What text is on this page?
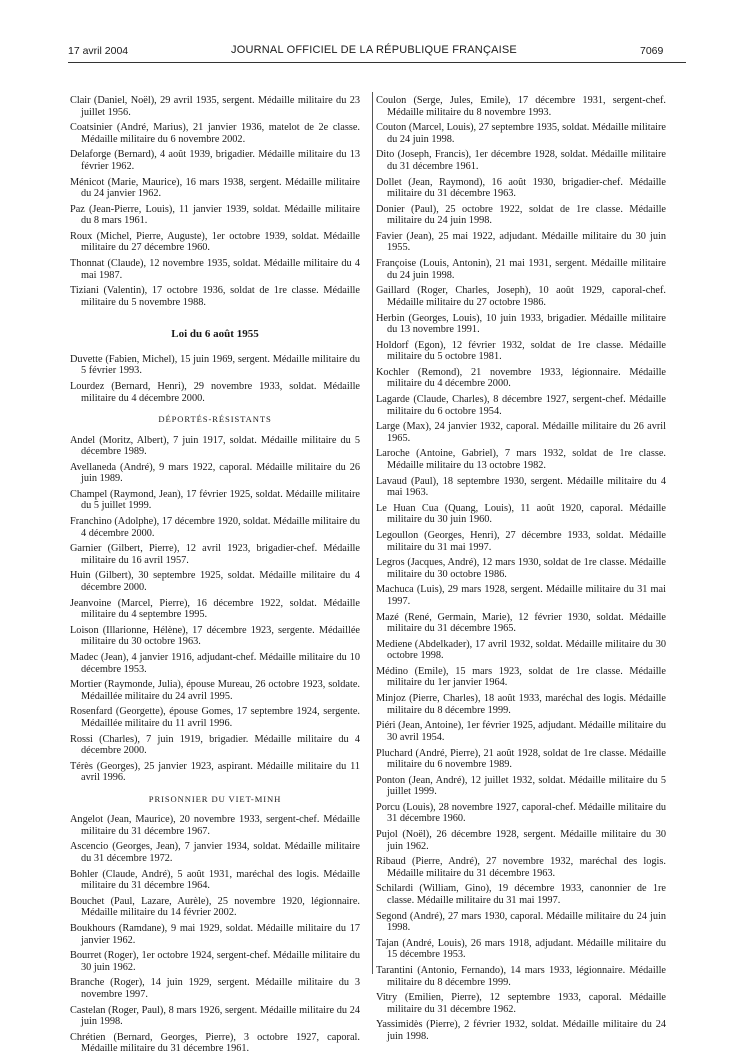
17 avril 2004	JOURNAL OFFICIEL DE LA RÉPUBLIQUE FRANÇAISE	7069

Clair (Daniel, Noël), 29 avril 1935, sergent. Médaille militaire du 23 juillet 1956.

Coatsinier (André, Marius), 21 janvier 1936, matelot de 2e classe. Médaille militaire du 6 novembre 2002.

Delaforge (Bernard), 4 août 1939, brigadier. Médaille militaire du 13 février 1962.

Ménicot (Marie, Maurice), 16 mars 1938, sergent. Médaille militaire du 24 janvier 1962.

Paz (Jean-Pierre, Louis), 11 janvier 1939, soldat. Médaille militaire du 8 mars 1961.

Roux (Michel, Pierre, Auguste), 1er octobre 1939, soldat. Médaille militaire du 27 décembre 1960.

Thonnat (Claude), 12 novembre 1935, soldat. Médaille militaire du 4 mai 1987.

Tiziani (Valentin), 17 octobre 1936, soldat de 1re classe. Médaille militaire du 5 novembre 1988.

Loi du 6 août 1955

Duvette (Fabien, Michel), 15 juin 1969, sergent. Médaille militaire du 5 février 1993.

Lourdez (Bernard, Henri), 29 novembre 1933, soldat. Médaille militaire du 4 décembre 2000.

DÉPORTÉS-RÉSISTANTS

Andel (Moritz, Albert), 7 juin 1917, soldat. Médaille militaire du 5 décembre 1989.

Avellaneda (André), 9 mars 1922, caporal. Médaille militaire du 26 juin 1989.

Champel (Raymond, Jean), 17 février 1925, soldat. Médaille militaire du 5 juillet 1999.

Franchino (Adolphe), 17 décembre 1920, soldat. Médaille militaire du 4 décembre 2000.

Garnier (Gilbert, Pierre), 12 avril 1923, brigadier-chef. Médaille militaire du 16 avril 1957.

Huin (Gilbert), 30 septembre 1925, soldat. Médaille militaire du 4 décembre 2000.

Jeanvoine (Marcel, Pierre), 16 décembre 1922, soldat. Médaille militaire du 4 septembre 1995.

Loison (Illarionne, Hélène), 17 décembre 1923, sergente. Médaillée militaire du 30 octobre 1963.

Madec (Jean), 4 janvier 1916, adjudant-chef. Médaille militaire du 10 décembre 1953.

Mortier (Raymonde, Julia), épouse Mureau, 26 octobre 1923, soldate. Médaillée militaire du 24 avril 1995.

Rosenfard (Georgette), épouse Gomes, 17 septembre 1924, sergente. Médaillée militaire du 11 avril 1996.

Rossi (Charles), 7 juin 1919, brigadier. Médaille militaire du 4 décembre 2000.

Térès (Georges), 25 janvier 1923, aspirant. Médaille militaire du 11 avril 1996.

PRISONNIER DU VIET-MINH

Angelot (Jean, Maurice), 20 novembre 1933, sergent-chef. Médaille militaire du 31 décembre 1967.

Ascencio (Georges, Jean), 7 janvier 1934, soldat. Médaille militaire du 31 décembre 1972.

Bohler (Claude, André), 5 août 1931, maréchal des logis. Médaille militaire du 31 décembre 1964.

Bouchet (Paul, Lazare, Aurèle), 25 novembre 1920, légionnaire. Médaille militaire du 14 février 2002.

Boukhours (Ramdane), 9 mai 1929, soldat. Médaille militaire du 17 janvier 1962.

Bourret (Roger), 1er octobre 1924, sergent-chef. Médaille militaire du 30 juin 1962.

Branche (Roger), 14 juin 1929, sergent. Médaille militaire du 3 novembre 1997.

Castelan (Roger, Paul), 8 mars 1926, sergent. Médaille militaire du 24 juin 1998.

Chrétien (Bernard, Georges, Pierre), 3 octobre 1927, caporal. Médaille militaire du 31 décembre 1961.

Coulon (Serge, Jules, Emile), 17 décembre 1931, sergent-chef. Médaille militaire du 8 novembre 1993.

Couton (Marcel, Louis), 27 septembre 1935, soldat. Médaille militaire du 24 juin 1998.

Dito (Joseph, Francis), 1er décembre 1928, soldat. Médaille militaire du 31 décembre 1961.

Dollet (Jean, Raymond), 16 août 1930, brigadier-chef. Médaille militaire du 31 décembre 1963.

Donier (Paul), 25 octobre 1922, soldat de 1re classe. Médaille militaire du 24 juin 1998.

Favier (Jean), 25 mai 1922, adjudant. Médaille militaire du 30 juin 1955.

Françoise (Louis, Antonin), 21 mai 1931, sergent. Médaille militaire du 24 juin 1998.

Gaillard (Roger, Charles, Joseph), 10 août 1929, caporal-chef. Médaille militaire du 27 octobre 1986.

Herbin (Georges, Louis), 10 juin 1933, brigadier. Médaille militaire du 13 novembre 1991.

Holdorf (Egon), 12 février 1932, soldat de 1re classe. Médaille militaire du 5 octobre 1981.

Kochler (Remond), 21 novembre 1933, légionnaire. Médaille militaire du 4 décembre 2000.

Lagarde (Claude, Charles), 8 décembre 1927, sergent-chef. Médaille militaire du 6 octobre 1954.

Large (Max), 24 janvier 1932, caporal. Médaille militaire du 26 avril 1965.

Laroche (Antoine, Gabriel), 7 mars 1932, soldat de 1re classe. Médaille militaire du 13 octobre 1982.

Lavaud (Paul), 18 septembre 1930, sergent. Médaille militaire du 4 mai 1963.

Le Huan Cua (Quang, Louis), 11 août 1920, caporal. Médaille militaire du 30 juin 1960.

Legoullon (Georges, Henri), 27 décembre 1933, soldat. Médaille militaire du 31 mai 1997.

Legros (Jacques, André), 12 mars 1930, soldat de 1re classe. Médaille militaire du 30 octobre 1986.

Machuca (Luis), 29 mars 1928, sergent. Médaille militaire du 31 mai 1997.

Mazé (René, Germain, Marie), 12 février 1930, soldat. Médaille militaire du 31 décembre 1965.

Mediene (Abdelkader), 17 avril 1932, soldat. Médaille militaire du 30 octobre 1998.

Médino (Emile), 15 mars 1923, soldat de 1re classe. Médaille militaire du 1er janvier 1964.

Minjoz (Pierre, Charles), 18 août 1933, maréchal des logis. Médaille militaire du 8 décembre 1999.

Piéri (Jean, Antoine), 1er février 1925, adjudant. Médaille militaire du 30 avril 1954.

Pluchard (André, Pierre), 21 août 1928, soldat de 1re classe. Médaille militaire du 6 novembre 1989.

Ponton (Jean, André), 12 juillet 1932, soldat. Médaille militaire du 5 juillet 1999.

Porcu (Louis), 28 novembre 1927, caporal-chef. Médaille militaire du 31 décembre 1960.

Pujol (Noël), 26 décembre 1928, sergent. Médaille militaire du 30 juin 1962.

Ribaud (Pierre, André), 27 novembre 1932, maréchal des logis. Médaille militaire du 31 décembre 1963.

Schilardi (William, Gino), 19 décembre 1933, canonnier de 1re classe. Médaille militaire du 31 mai 1997.

Segond (André), 27 mars 1930, caporal. Médaille militaire du 24 juin 1998.

Tajan (André, Louis), 26 mars 1918, adjudant. Médaille militaire du 15 décembre 1953.

Tarantini (Antonio, Fernando), 14 mars 1933, légionnaire. Médaille militaire du 8 décembre 1999.

Vitry (Emilien, Pierre), 12 septembre 1933, caporal. Médaille militaire du 31 décembre 1962.

Yassimidès (Pierre), 2 février 1932, soldat. Médaille militaire du 24 juin 1998.
